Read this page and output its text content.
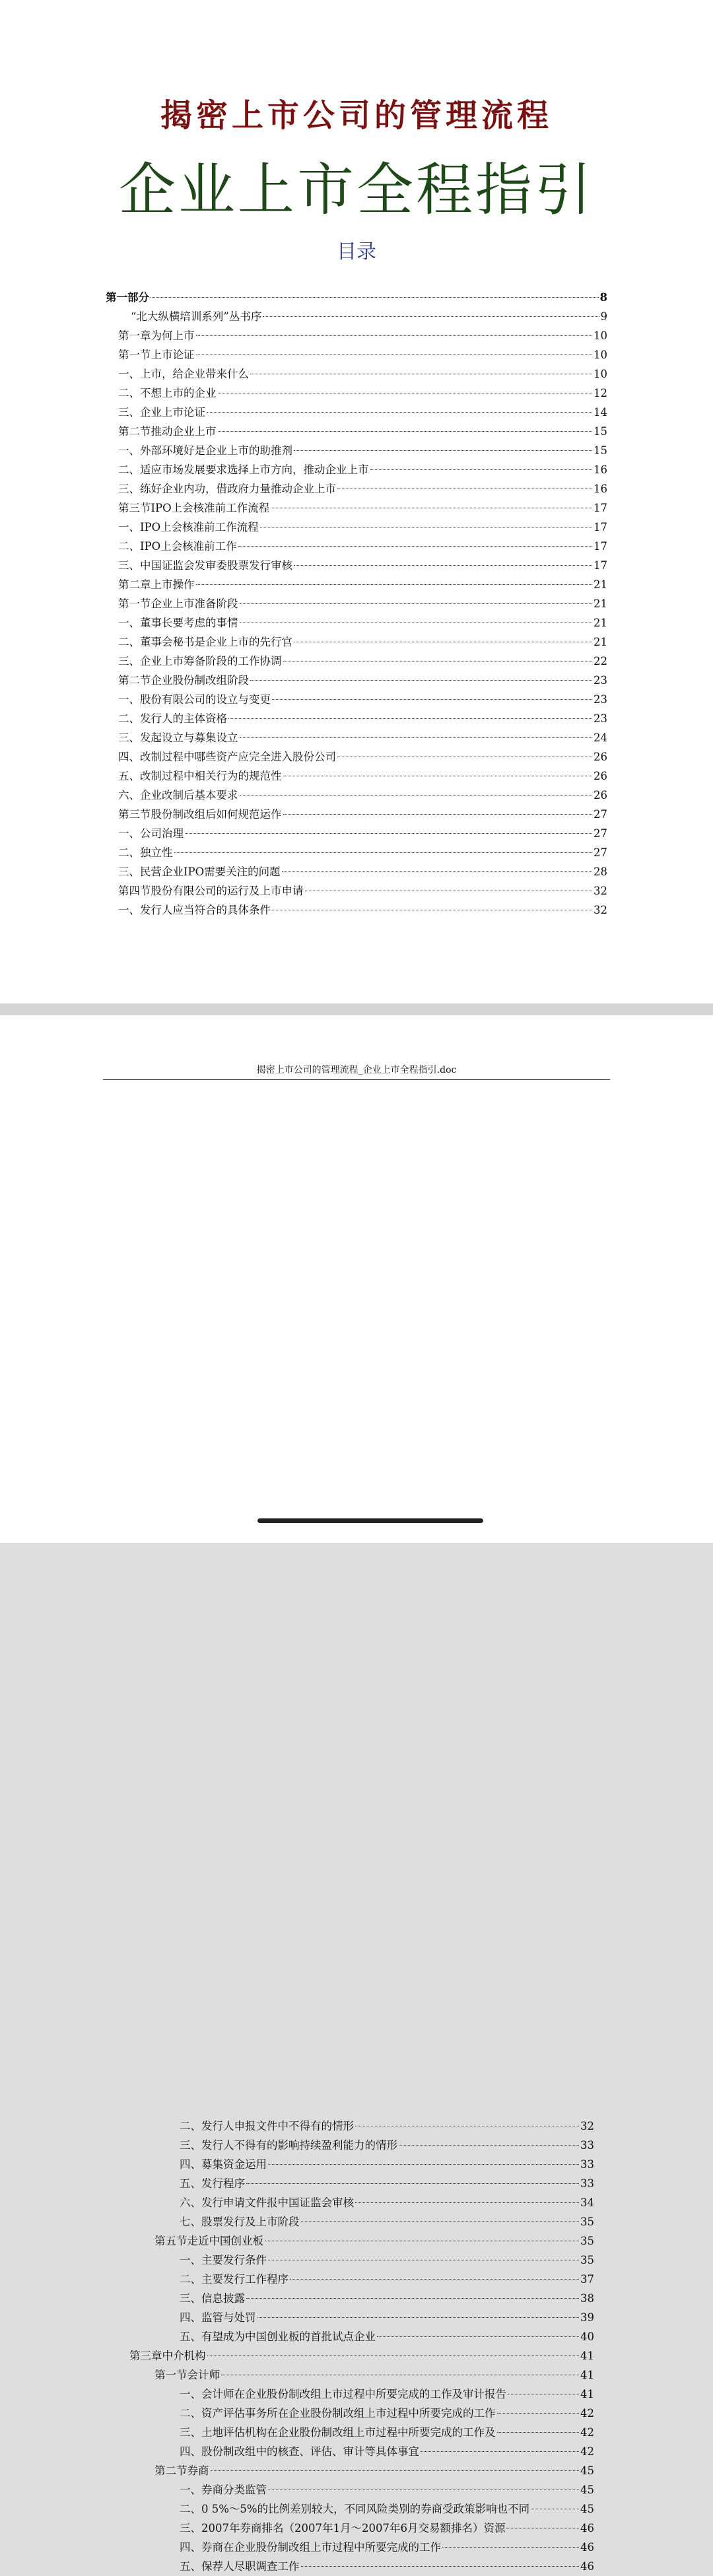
揭密上市公司的管理流程
企业上市全程指引
目录
第一部分	8
“北大纵横培训系列”丛书序	9
第一章为何上市	10
第一节上市论证	10
一、上市，给企业带来什么	10
二、不想上市的企业	12
三、企业上市论证	14
第二节推动企业上市	15
一、外部环境好是企业上市的助推剂	15
二、适应市场发展要求选择上市方向，推动企业上市	16
三、练好企业内功，借政府力量推动企业上市	16
第三节IPO上会核准前工作流程	17
一、IPO上会核准前工作流程	17
二、IPO上会核准前工作	17
三、中国证监会发审委股票发行审核	17
第二章上市操作	21
第一节企业上市准备阶段	21
一、董事长要考虑的事情	21
二、董事会秘书是企业上市的先行官	21
三、企业上市筹备阶段的工作协调	22
第二节企业股份制改组阶段	23
一、股份有限公司的设立与变更	23
二、发行人的主体资格	23
三、发起设立与募集设立	24
四、改制过程中哪些资产应完全进入股份公司	26
五、改制过程中相关行为的规范性	26
六、企业改制后基本要求	26
第三节股份制改组后如何规范运作	27
一、公司治理	27
二、独立性	27
三、民营企业IPO需要关注的问题	28
第四节股份有限公司的运行及上市申请	32
一、发行人应当符合的具体条件	32
揭密上市公司的管理流程_企业上市全程指引.doc
二、发行人申报文件中不得有的情形	32
三、发行人不得有的影响持续盈利能力的情形	33
四、募集资金运用	33
五、发行程序	33
六、发行申请文件报中国证监会审核	34
七、股票发行及上市阶段	35
第五节走近中国创业板	35
一、主要发行条件	35
二、主要发行工作程序	37
三、信息披露	38
四、监管与处罚	39
五、有望成为中国创业板的首批试点企业	40
第三章中介机构	41
第一节会计师	41
一、会计师在企业股份制改组上市过程中所要完成的工作及审计报告	41
二、资产评估事务所在企业股份制改组上市过程中所要完成的工作	42
三、土地评估机构在企业股份制改组上市过程中所要完成的工作及	42
四、股份制改组中的核查、评估、审计等具体事宜	42
第二节券商	45
一、券商分类监管	45
二、0 5%～5%的比例差别较大，不同风险类别的券商受政策影响也不同	45
三、2007年券商排名（2007年1月～2007年6月交易额排名）资源	46
四、券商在企业股份制改组上市过程中所要完成的工作	46
五、保荐人尽职调查工作	46
